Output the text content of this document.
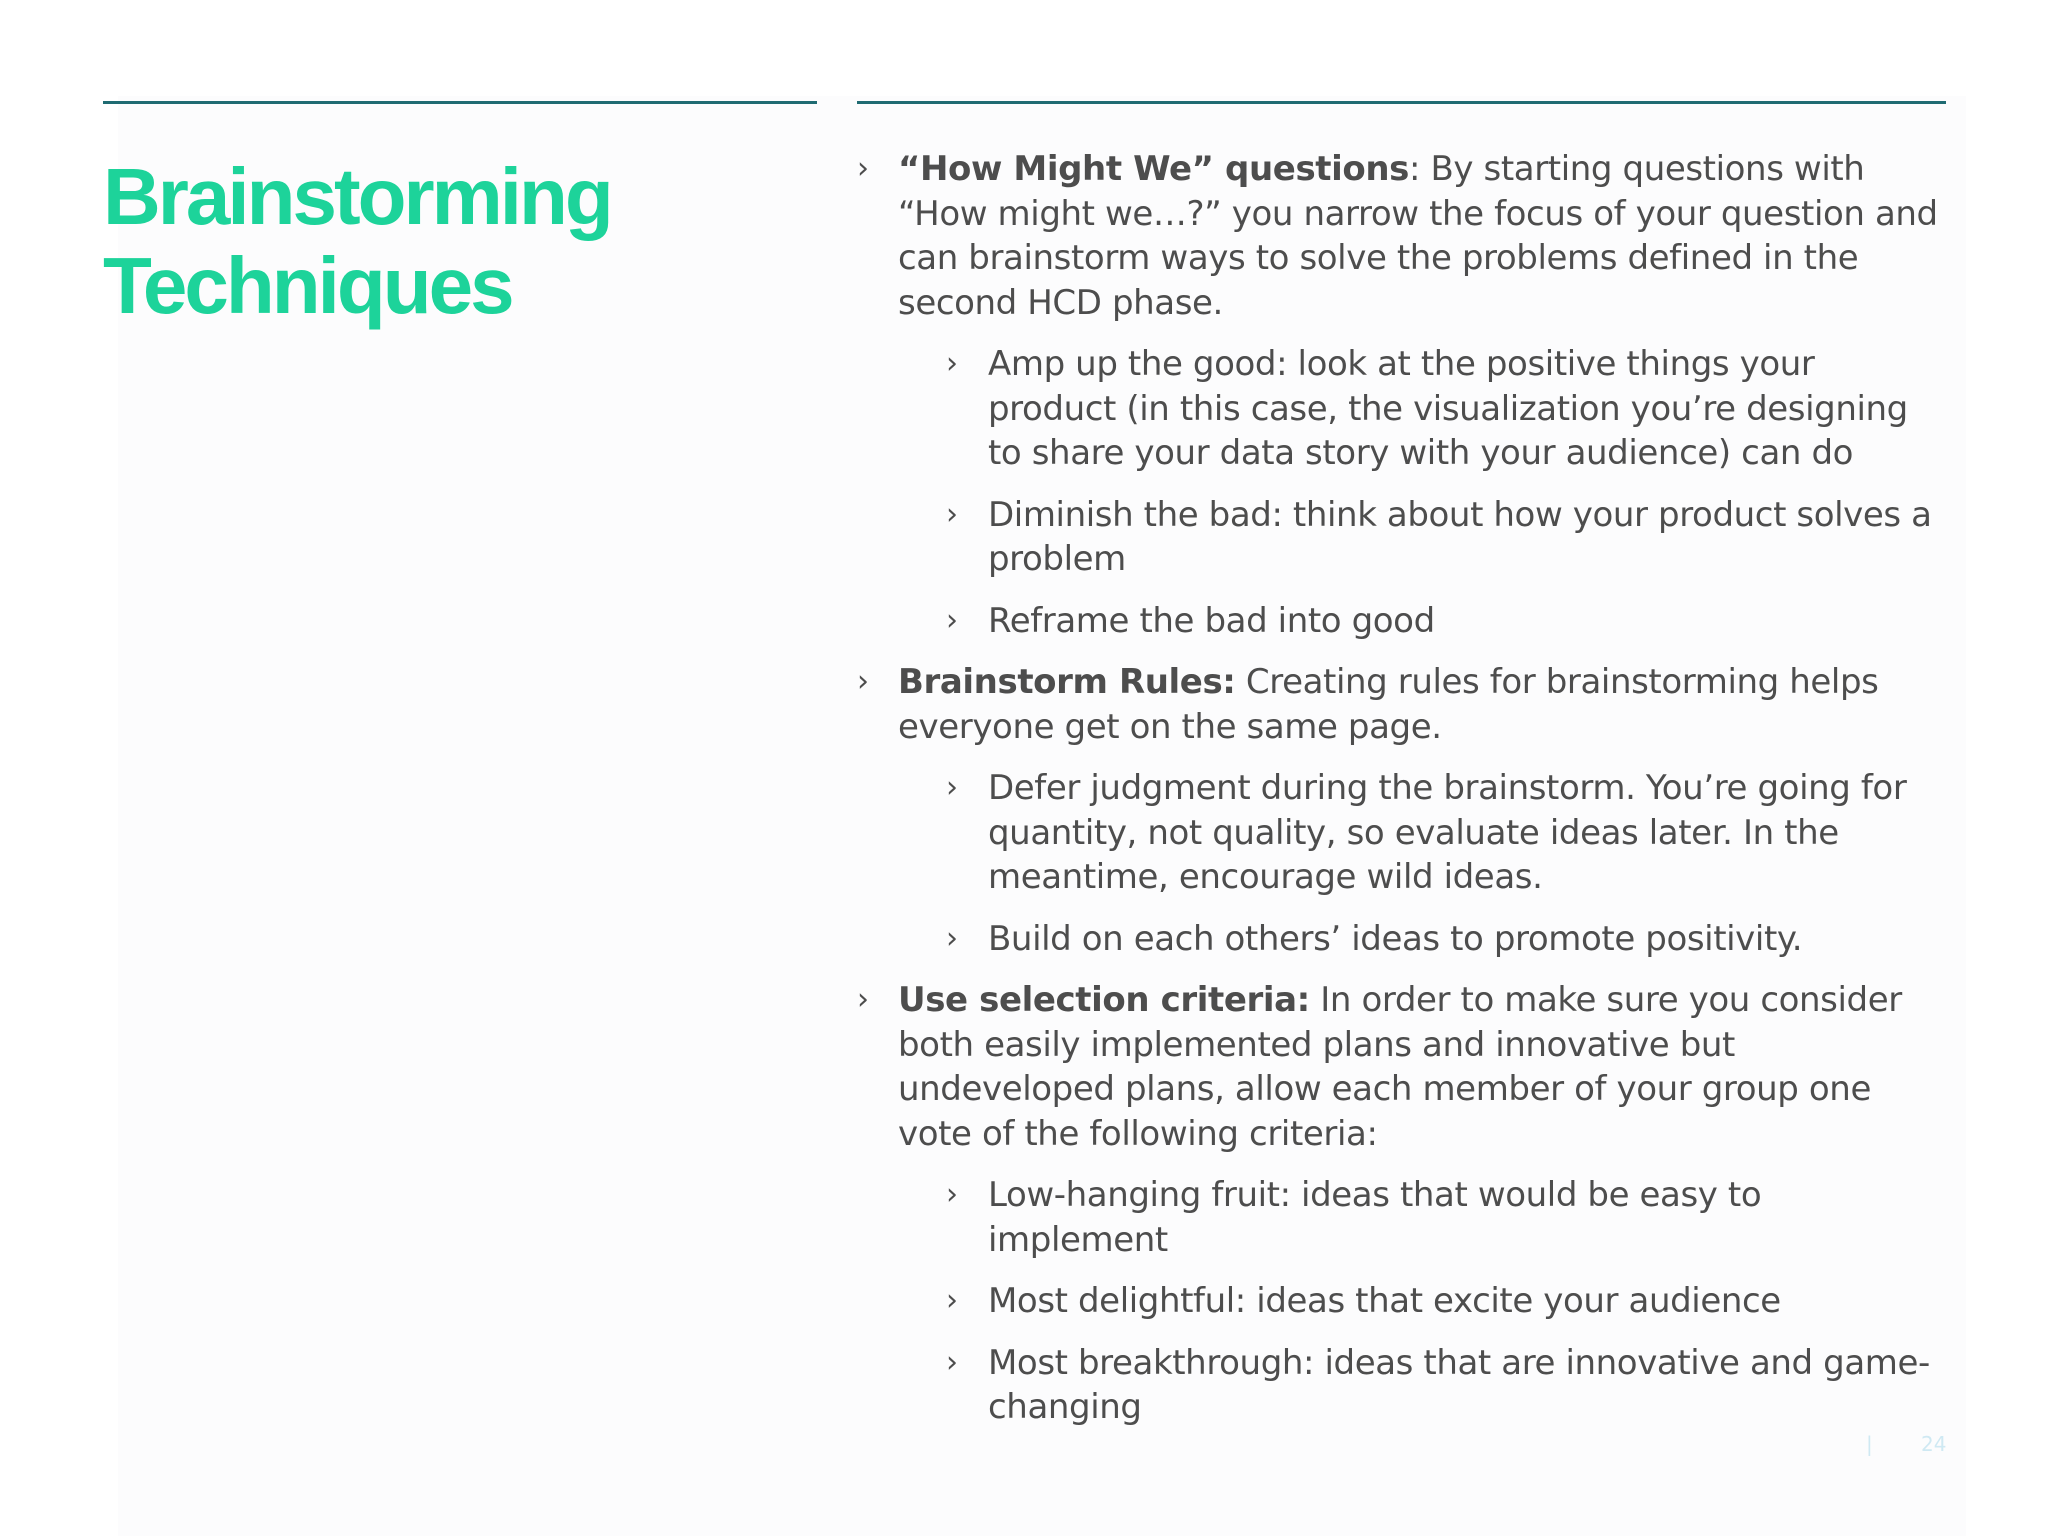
Brainstorming
Techniques
› “How Might We” questions: By starting questions with “How might we…?” you narrow the focus of your question and can brainstorm ways to solve the problems defined in the second HCD phase.
› Amp up the good: look at the positive things your product (in this case, the visualization you’re designing to share your data story with your audience) can do
› Diminish the bad: think about how your product solves a problem
› Reframe the bad into good
› Brainstorm Rules: Creating rules for brainstorming helps everyone get on the same page.
› Defer judgment during the brainstorm. You’re going for quantity, not quality, so evaluate ideas later. In the meantime, encourage wild ideas.
› Build on each others’ ideas to promote positivity.
› Use selection criteria: In order to make sure you consider both easily implemented plans and innovative but undeveloped plans, allow each member of your group one vote of the following criteria:
› Low-hanging fruit: ideas that would be easy to implement
› Most delightful: ideas that excite your audience
› Most breakthrough: ideas that are innovative and game-changing
| 24
